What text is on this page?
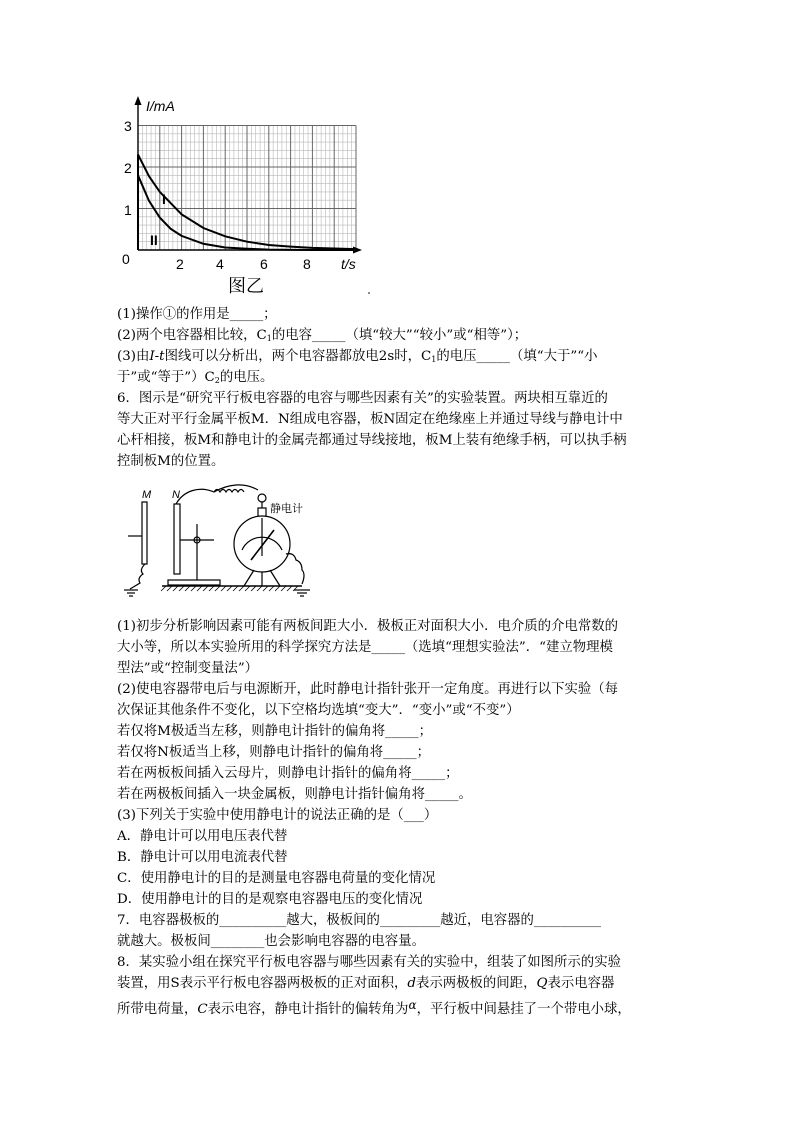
I/mA
t/s
0
1
2
3
2 4	6	8
I
II
图乙
(1)操作①的作用是_____；
(2)两个电容器相比较，$C_1$的电容_____（填“较大”“较小”或“相等”）；
(3)由I-t图线可以分析出，两个电容器都放电2s时，$C_1$的电压_____（填“大于”“小
于”或“等于$”)C_2$的电压。
6．图示是“研究平行板电容器的电容与哪些因素有关”的实验装置。两块相互靠近的
等大正对平行金属平板M．N组成电容器，板N固定在绝缘座上并通过导线与静电计中
心杆相接，板M和静电计的金属壳都通过导线接地，板M上装有绝缘手柄，可以执手柄
控制板M的位置。
M N
静电计
(1)初步分析影响因素可能有两板间距大小．极板正对面积大小．电介质的介电常数的
大小等，所以本实验所用的科学探究方法是_____（选填“理想实验法”．“建立物理模
型法”或“控制变量法”）
(2)使电容器带电后与电源断开，此时静电计指针张开一定角度。再进行以下实验（每
次保证其他条件不变化，以下空格均选填“变大”．“变小”或“不变”）
若仅将M极适当左移，则静电计指针的偏角将_____；
若仅将N板适当上移，则静电计指针的偏角将_____；
若在两板板间插入云母片，则静电计指针的偏角将_____；
若在两极板间插入一块金属板，则静电计指针偏角将_____。
(3)下列关于实验中使用静电计的说法正确的是（___）
A．静电计可以用电压表代替
B．静电计可以用电流表代替
C．使用静电计的目的是测量电容器电荷量的变化情况
D．使用静电计的目的是观察电容器电压的变化情况
7．电容器极板的__________越大，极板间的_________越近，电容器的__________
就越大。极板间________也会影响电容器的电容量。
8．某实验小组在探究平行板电容器与哪些因素有关的实验中，组装了如图所示的实验
装置，用S表示平行板电容器两极板的正对面积，d表示两极板的间距，Q表示电容器
所带电荷量，C表示电容，静电计指针的偏转角为α，平行板中间悬挂了一个带电小球，
